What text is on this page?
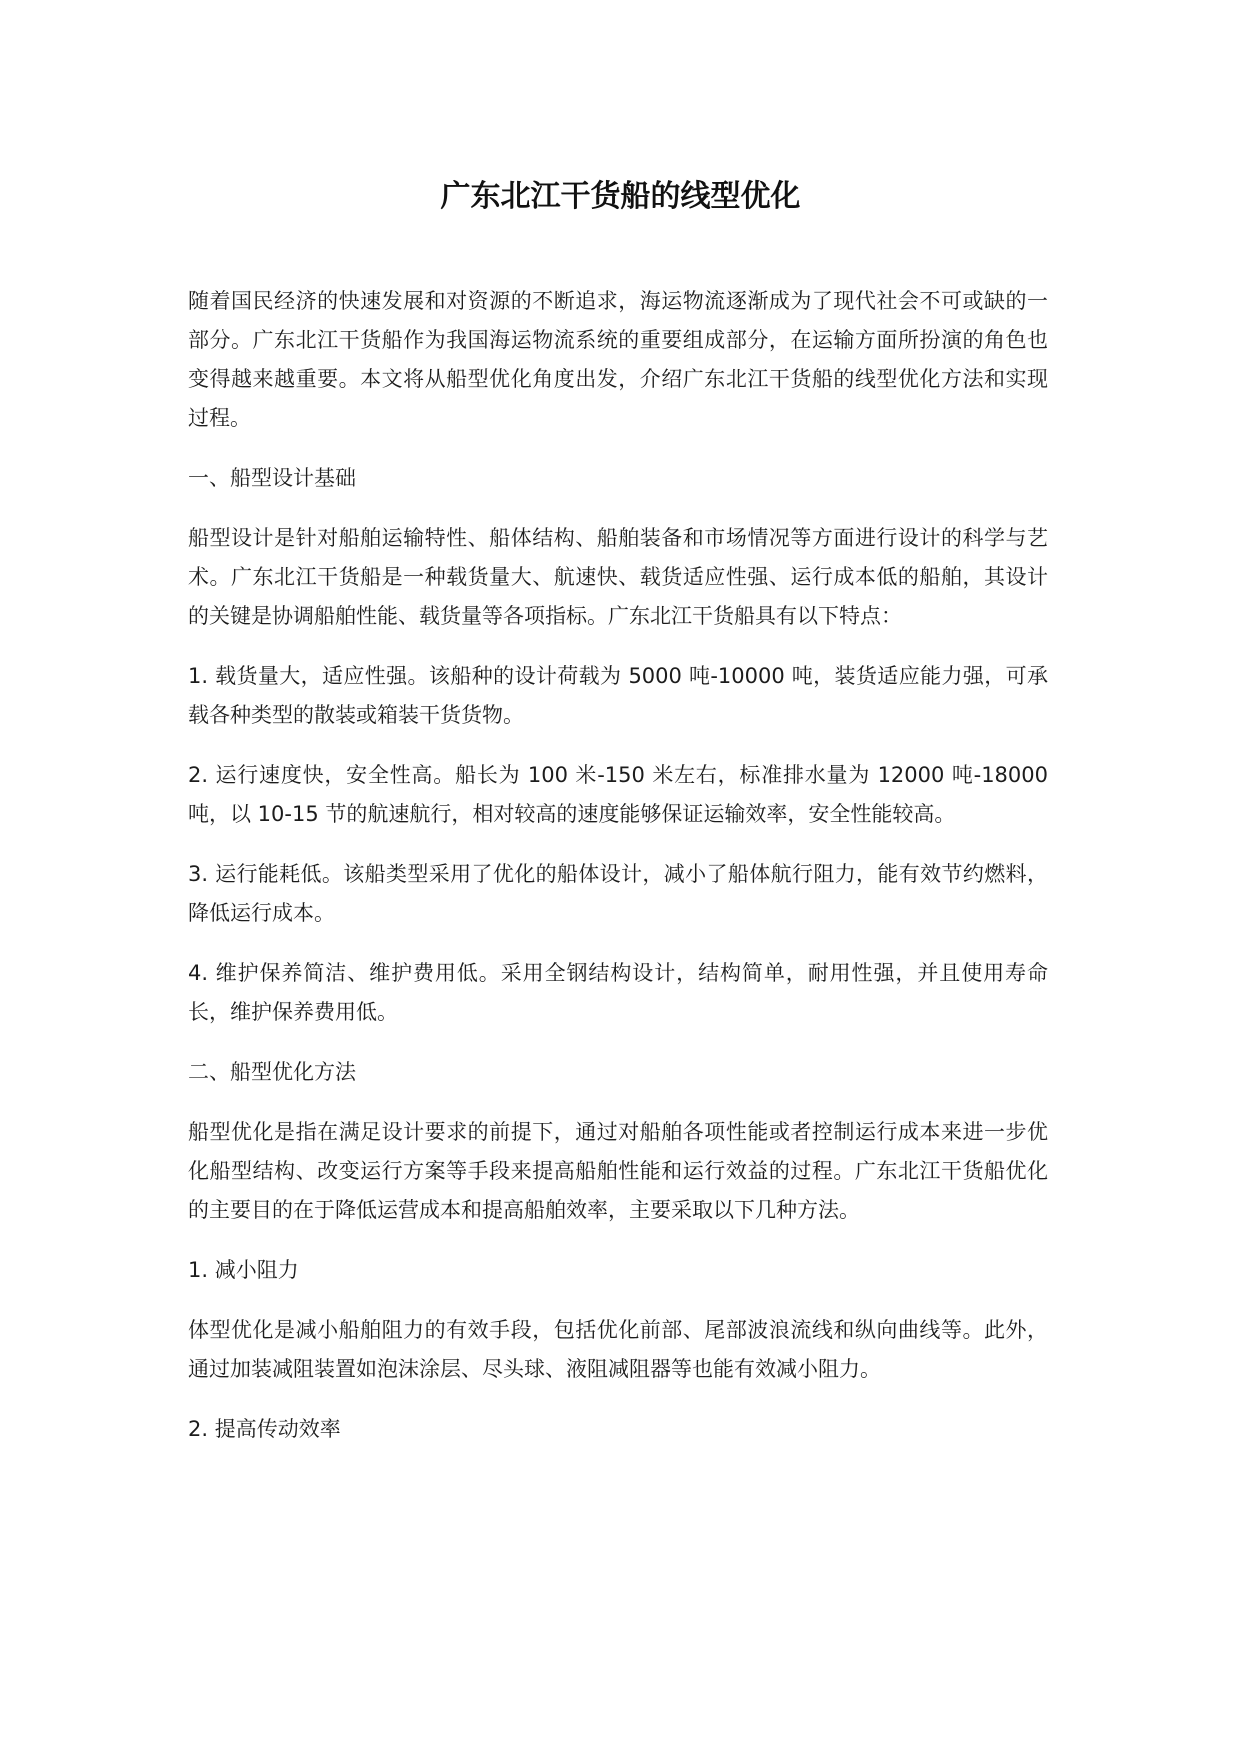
广东北江干货船的线型优化

随着国民经济的快速发展和对资源的不断追求，海运物流逐渐成为了现代社会不可或缺的一部分。广东北江干货船作为我国海运物流系统的重要组成部分，在运输方面所扮演的角色也变得越来越重要。本文将从船型优化角度出发，介绍广东北江干货船的线型优化方法和实现过程。

一、船型设计基础

船型设计是针对船舶运输特性、船体结构、船舶装备和市场情况等方面进行设计的科学与艺术。广东北江干货船是一种载货量大、航速快、载货适应性强、运行成本低的船舶，其设计的关键是协调船舶性能、载货量等各项指标。广东北江干货船具有以下特点：

1. 载货量大，适应性强。该船种的设计荷载为 5000 吨-10000 吨，装货适应能力强，可承载各种类型的散装或箱装干货货物。

2. 运行速度快，安全性高。船长为 100 米-150 米左右，标准排水量为 12000 吨-18000 吨，以 10-15 节的航速航行，相对较高的速度能够保证运输效率，安全性能较高。

3. 运行能耗低。该船类型采用了优化的船体设计，减小了船体航行阻力，能有效节约燃料，降低运行成本。

4. 维护保养简洁、维护费用低。采用全钢结构设计，结构简单，耐用性强，并且使用寿命长，维护保养费用低。

二、船型优化方法

船型优化是指在满足设计要求的前提下，通过对船舶各项性能或者控制运行成本来进一步优化船型结构、改变运行方案等手段来提高船舶性能和运行效益的过程。广东北江干货船优化的主要目的在于降低运营成本和提高船舶效率，主要采取以下几种方法。

1. 减小阻力

体型优化是减小船舶阻力的有效手段，包括优化前部、尾部波浪流线和纵向曲线等。此外，通过加装减阻装置如泡沫涂层、尽头球、液阻减阻器等也能有效减小阻力。

2. 提高传动效率
